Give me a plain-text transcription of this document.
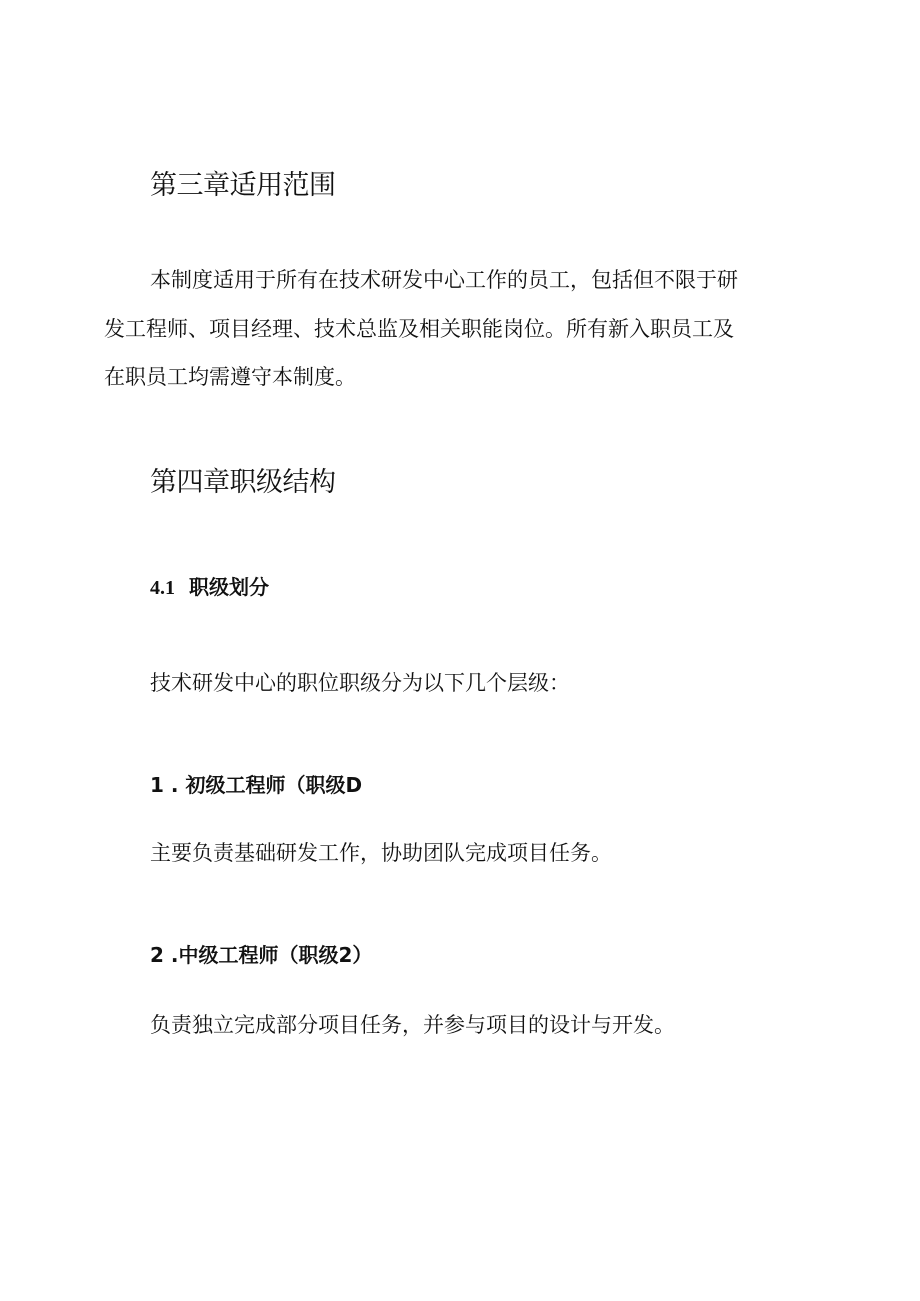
第三章适用范围

本制度适用于所有在技术研发中心工作的员工，包括但不限于研

发工程师、项目经理、技术总监及相关职能岗位。所有新入职员工及

在职员工均需遵守本制度。

第四章职级结构
4.1 职级划分

技术研发中心的职位职级分为以下几个层级：

1 . 初级工程师（职级D

主要负责基础研发工作，协助团队完成项目任务。

2 .中级工程师（职级2）

负责独立完成部分项目任务，并参与项目的设计与开发。
